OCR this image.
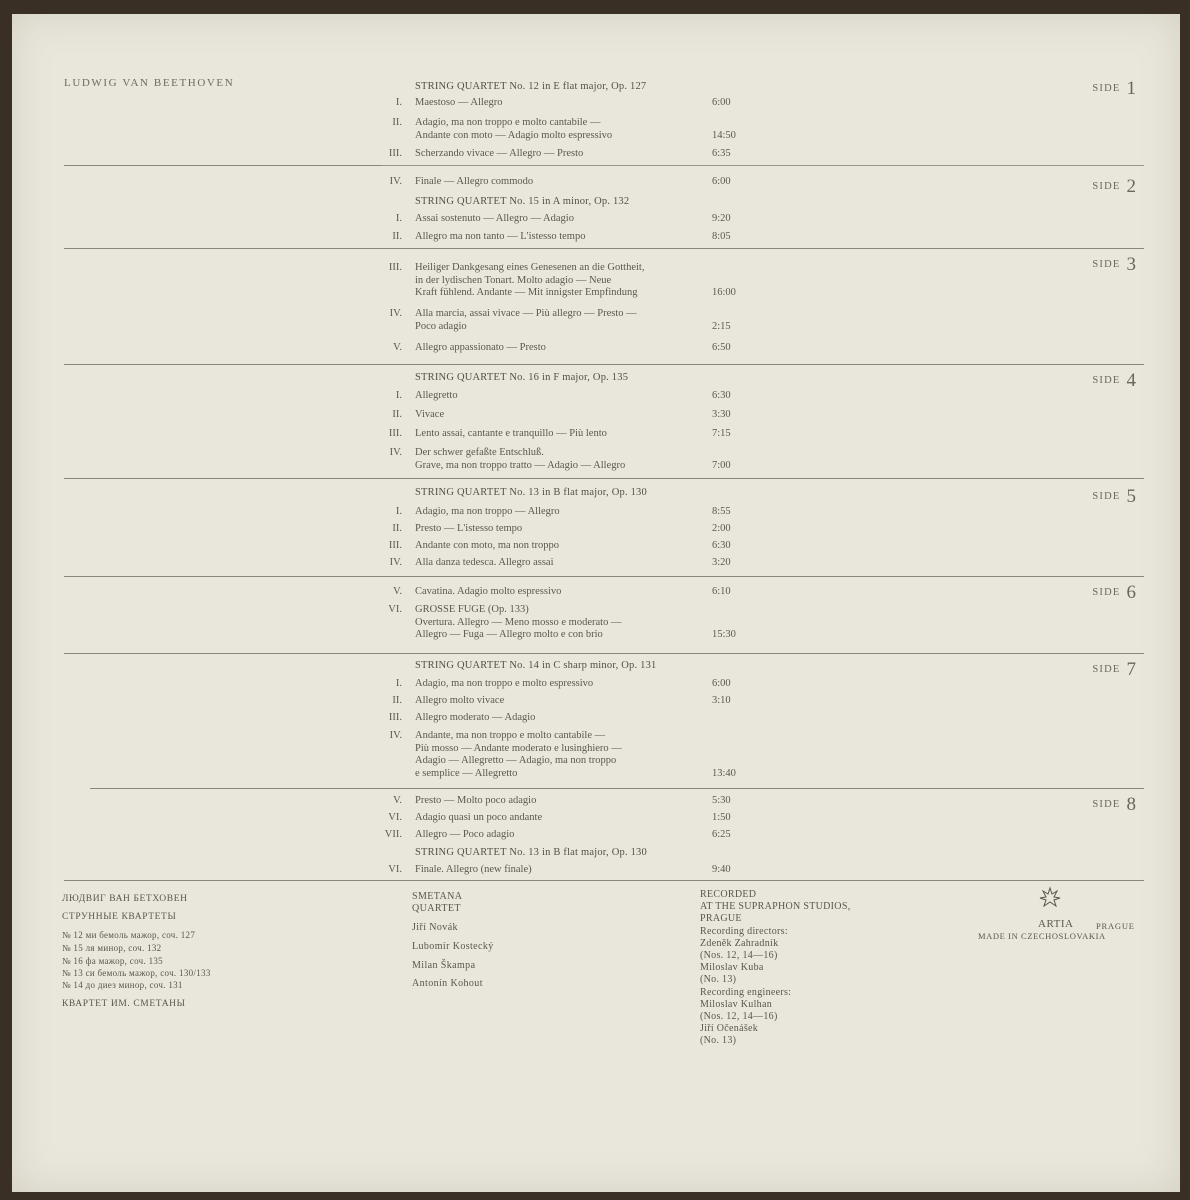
LUDWIG VAN BEETHOVEN	SIDE 1
SIDE 2
SIDE 3
SIDE 4
SIDE 5
SIDE 6
SIDE 7
SIDE 8
STRING QUARTET No. 12 in E flat major, Op. 127
STRING QUARTET No. 15 in A minor, Op. 132
STRING QUARTET No. 16 in F major, Op. 135
STRING QUARTET No. 13 in B flat major, Op. 130
STRING QUARTET No. 14 in C sharp minor, Op. 131
STRING QUARTET No. 13 in B flat major, Op. 130
I. Maestoso — Allegro	6:00
II. Adagio, ma non troppo e molto cantabile —
Andante con moto — Adagio molto espressivo	14:50
III. Scherzando vivace — Allegro — Presto	6:35
IV. Finale — Allegro commodo	6:00
I. Assai sostenuto — Allegro — Adagio	9:20
II. Allegro ma non tanto — L'istesso tempo	8:05
III. Heiliger Dankgesang eines Genesenen an die Gottheit,
in der lydischen Tonart. Molto adagio — Neue
Kraft fühlend. Andante — Mit innigster Empfindung	16:00
IV. Alla marcia, assai vivace — Più allegro — Presto —
Poco adagio	2:15
V. Allegro appassionato — Presto	6:50
I. Allegretto	6:30
II. Vivace	3:30
III. Lento assai, cantante e tranquillo — Più lento	7:15
IV. Der schwer gefaßte Entschluß.
Grave, ma non troppo tratto — Adagio — Allegro	7:00
I. Adagio, ma non troppo — Allegro	8:55
II. Presto — L'istesso tempo	2:00
III. Andante con moto, ma non troppo	6:30
IV. Alla danza tedesca. Allegro assai	3:20
V. Cavatina. Adagio molto espressivo	6:10
VI. GROSSE FUGE (Op. 133)
Overtura. Allegro — Meno mosso e moderato —
Allegro — Fuga — Allegro molto e con brio	15:30
I. Adagio, ma non troppo e molto espressivo	6:00
II. Allegro molto vivace	3:10
III. Allegro moderato — Adagio
IV. Andante, ma non troppo e molto cantabile —
Più mosso — Andante moderato e lusinghiero —
Adagio — Allegretto — Adagio, ma non troppo
e semplice — Allegretto	13:40
V. Presto — Molto poco adagio	5:30
VI. Adagio quasi un poco andante	1:50
VII. Allegro — Poco adagio	6:25
VI. Finale. Allegro (new finale)	9:40
ЛЮДВИГ ВАН БЕТХОВЕН
СТРУННЫЕ КВАРТЕТЫ
№ 12 ми бемоль мажор, соч. 127
№ 15 ля минор, соч. 132
№ 16 фа мажор, соч. 135
№ 13 си бемоль мажор, соч. 130/133
№ 14 до диез минор, соч. 131
КВАРТЕТ ИМ. СМЕТАНЫ
SMETANA
QUARTET
Jiří Novák
Lubomír Kostecký
Milan Škampa
Antonín Kohout
RECORDED
AT THE SUPRAPHON STUDIOS,
PRAGUE
Recording directors:
Zdeněk Zahradník
(Nos. 12, 14—16)
Miloslav Kuba
(No. 13)
Recording engineers:
Miloslav Kulhan
(Nos. 12, 14—16)
Jiří Očenášek
(No. 13)
ARTIA	PRAGUE
MADE IN CZECHOSLOVAKIA
